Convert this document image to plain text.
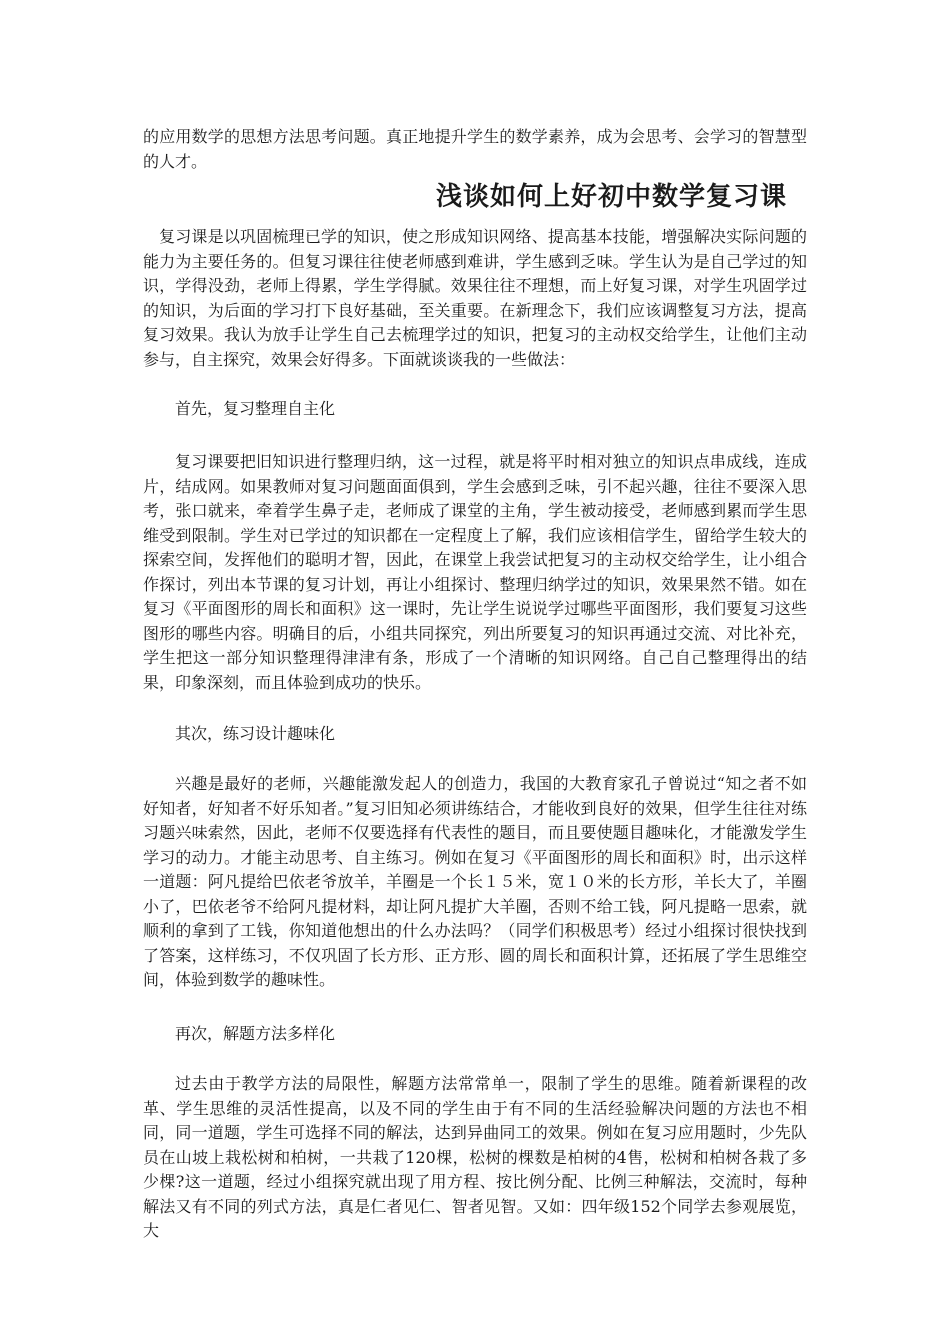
的应用数学的思想方法思考问题。真正地提升学生的数学素养，成为会思考、会学习的智慧型的人才。

浅谈如何上好初中数学复习课

复习课是以巩固梳理已学的知识，使之形成知识网络、提高基本技能，增强解决实际问题的能力为主要任务的。但复习课往往使老师感到难讲，学生感到乏味。学生认为是自己学过的知识，学得没劲，老师上得累，学生学得腻。效果往往不理想，而上好复习课，对学生巩固学过的知识，为后面的学习打下良好基础，至关重要。在新理念下，我们应该调整复习方法，提高复习效果。我认为放手让学生自己去梳理学过的知识，把复习的主动权交给学生，让他们主动参与，自主探究，效果会好得多。下面就谈谈我的一些做法：

首先，复习整理自主化

复习课要把旧知识进行整理归纳，这一过程，就是将平时相对独立的知识点串成线，连成片，结成网。如果教师对复习问题面面俱到，学生会感到乏味，引不起兴趣，往往不要深入思考，张口就来，牵着学生鼻子走，老师成了课堂的主角，学生被动接受，老师感到累而学生思维受到限制。学生对已学过的知识都在一定程度上了解，我们应该相信学生，留给学生较大的探索空间，发挥他们的聪明才智，因此，在课堂上我尝试把复习的主动权交给学生，让小组合作探讨，列出本节课的复习计划，再让小组探讨、整理归纳学过的知识，效果果然不错。如在复习《平面图形的周长和面积》这一课时，先让学生说说学过哪些平面图形，我们要复习这些图形的哪些内容。明确目的后，小组共同探究，列出所要复习的知识再通过交流、对比补充，学生把这一部分知识整理得津津有条，形成了一个清晰的知识网络。自己自己整理得出的结果，印象深刻，而且体验到成功的快乐。

其次，练习设计趣味化

兴趣是最好的老师，兴趣能激发起人的创造力，我国的大教育家孔子曾说过“知之者不如好知者，好知者不好乐知者。”复习旧知必须讲练结合，才能收到良好的效果，但学生往往对练习题兴味索然，因此，老师不仅要选择有代表性的题目，而且要使题目趣味化，才能激发学生学习的动力。才能主动思考、自主练习。例如在复习《平面图形的周长和面积》时，出示这样一道题：阿凡提给巴依老爷放羊，羊圈是一个长１５米，宽１０米的长方形，羊长大了，羊圈小了，巴依老爷不给阿凡提材料，却让阿凡提扩大羊圈，否则不给工钱，阿凡提略一思索，就顺利的拿到了工钱，你知道他想出的什么办法吗？（同学们积极思考）经过小组探讨很快找到了答案，这样练习，不仅巩固了长方形、正方形、圆的周长和面积计算，还拓展了学生思维空间，体验到数学的趣味性。

再次，解题方法多样化

过去由于教学方法的局限性，解题方法常常单一，限制了学生的思维。随着新课程的改革、学生思维的灵活性提高，以及不同的学生由于有不同的生活经验解决问题的方法也不相同，同一道题，学生可选择不同的解法，达到异曲同工的效果。例如在复习应用题时，少先队员在山坡上栽松树和柏树，一共栽了120棵，松树的棵数是柏树的4售，松树和柏树各栽了多少棵?这一道题，经过小组探究就出现了用方程、按比例分配、比例三种解法，交流时，每种解法又有不同的列式方法，真是仁者见仁、智者见智。又如：四年级152个同学去参观展览，大
